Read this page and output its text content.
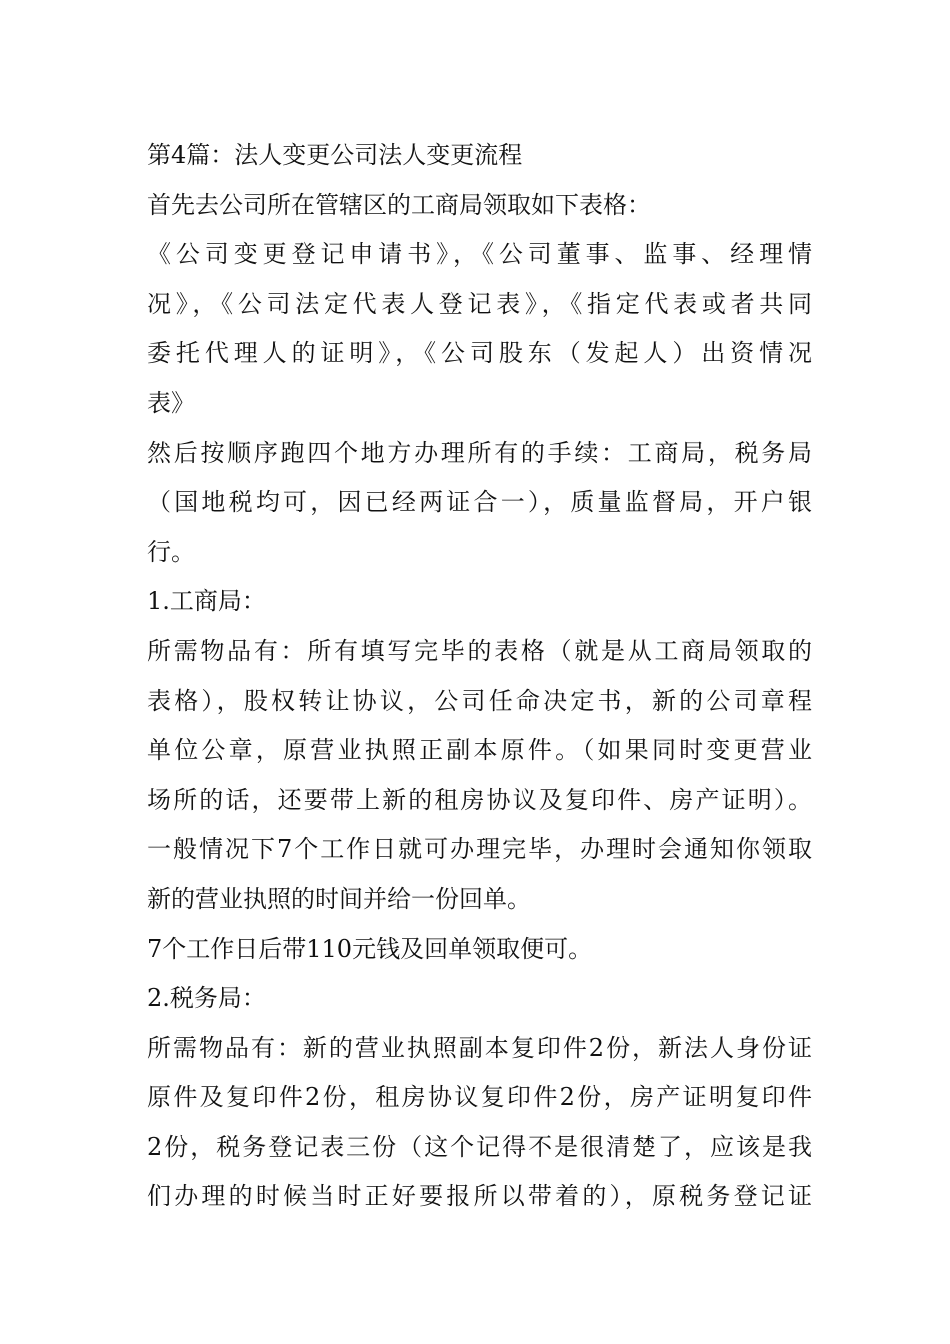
第4篇：法人变更公司法人变更流程
首先去公司所在管辖区的工商局领取如下表格：
《公司变更登记申请书》，《公司董事、监事、经理情
况》，《公司法定代表人登记表》，《指定代表或者共同
委托代理人的证明》，《公司股东（发起人）出资情况
表》
然后按顺序跑四个地方办理所有的手续：工商局，税务局
（国地税均可，因已经两证合一），质量监督局，开户银
行。
1.工商局：
所需物品有：所有填写完毕的表格（就是从工商局领取的
表格），股权转让协议，公司任命决定书，新的公司章程
单位公章，原营业执照正副本原件。（如果同时变更营业
场所的话，还要带上新的租房协议及复印件、房产证明）。
一般情况下7个工作日就可办理完毕，办理时会通知你领取
新的营业执照的时间并给一份回单。
7个工作日后带110元钱及回单领取便可。
2.税务局：
所需物品有：新的营业执照副本复印件2份，新法人身份证
原件及复印件2份，租房协议复印件2份，房产证明复印件
2份，税务登记表三份（这个记得不是很清楚了，应该是我
们办理的时候当时正好要报所以带着的），原税务登记证
